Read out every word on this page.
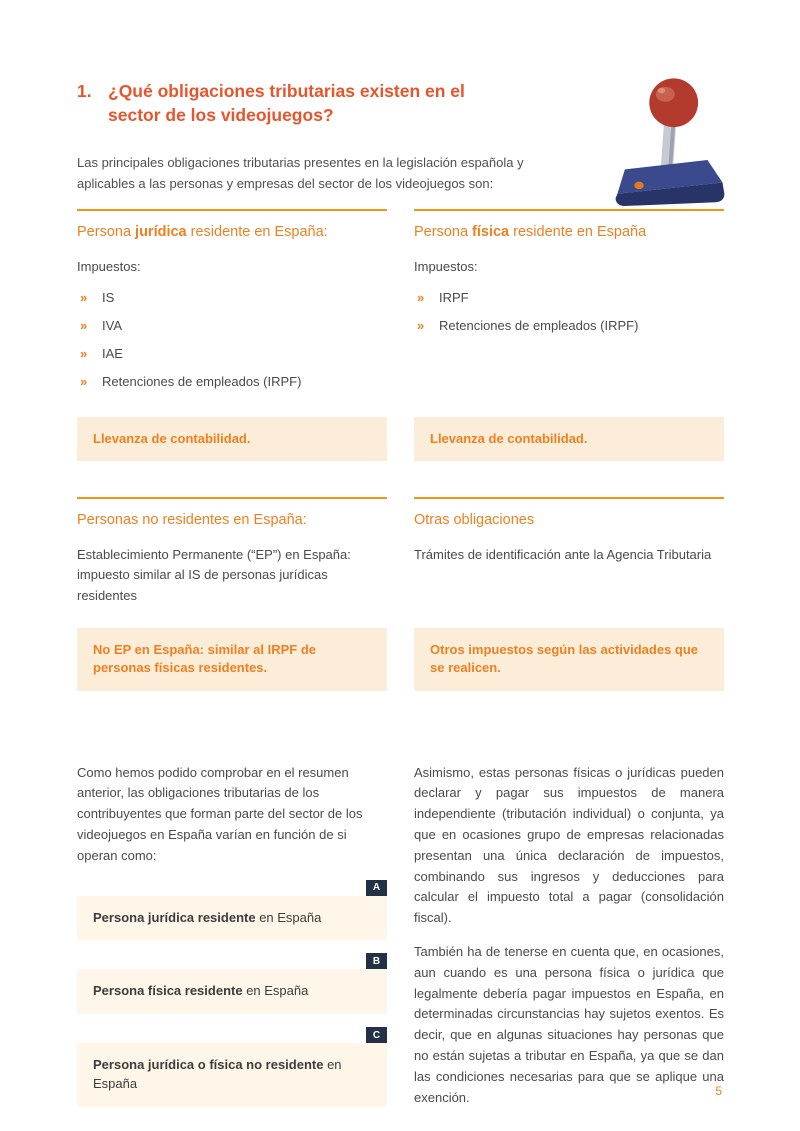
1. ¿Qué obligaciones tributarias existen en el sector de los videojuegos?

Las principales obligaciones tributarias presentes en la legislación española y aplicables a las personas y empresas del sector de los videojuegos son:

Persona jurídica residente en España:
Impuestos:
»	IS
»	IVA
»	IAE
»	Retenciones de empleados (IRPF)
Llevanza de contabilidad.
Persona física residente en España
Impuestos:
»	IRPF
»	Retenciones de empleados (IRPF)
Llevanza de contabilidad.
Personas no residentes en España:

Establecimiento Permanente (“EP”) en España: impuesto similar al IS de personas jurídicas residentes

No EP en España: similar al IRPF de personas físicas residentes.
Otras obligaciones

Trámites de identificación ante la Agencia Tributaria

Otros impuestos según las actividades que se realicen.

Como hemos podido comprobar en el resumen anterior, las obligaciones tributarias de los contribuyentes que forman parte del sector de los videojuegos en España varían en función de si operan como:

A
Persona jurídica residente en España
B
Persona física residente en España
C
Persona jurídica o física no residente en España

Asimismo, estas personas físicas o jurídicas pueden declarar y pagar sus impuestos de manera independiente (tributación individual) o conjunta, ya que en ocasiones grupo de empresas relacionadas presentan una única declaración de impuestos, combinando sus ingresos y deducciones para calcular el impuesto total a pagar (consolidación fiscal).

También ha de tenerse en cuenta que, en ocasiones, aun cuando es una persona física o jurídica que legalmente debería pagar impuestos en España, en determinadas circunstancias hay sujetos exentos. Es decir, que en algunas situaciones hay personas que no están sujetas a tributar en España, ya que se dan las condiciones necesarias para que se aplique una exención.	5
